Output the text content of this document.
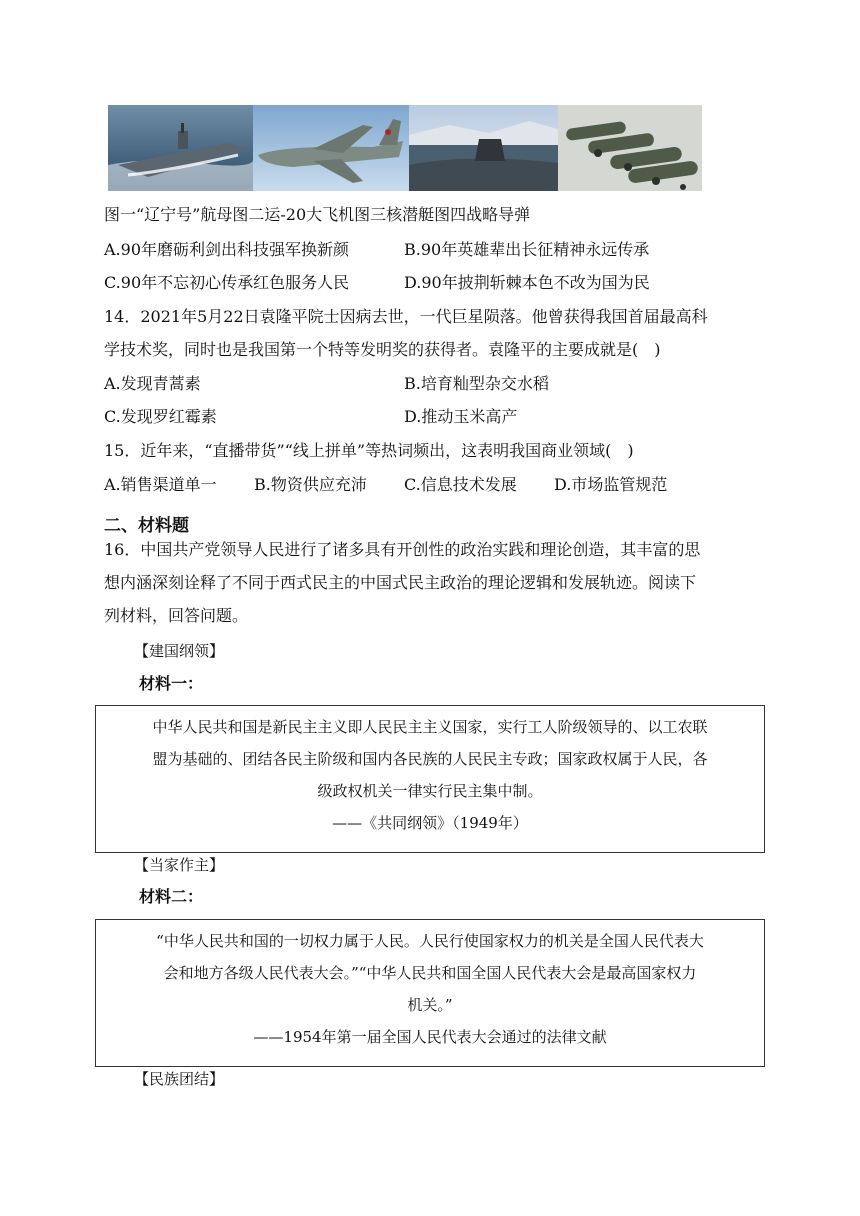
图一“辽宁号”航母图二运-20大飞机图三核潜艇图四战略导弹
A.90年磨砺利剑出科技强军换新颜	B.90年英雄辈出长征精神永远传承
C.90年不忘初心传承红色服务人民	D.90年披荆斩棘本色不改为国为民
14．2021年5月22日袁隆平院士因病去世，一代巨星陨落。他曾获得我国首届最高科
学技术奖，同时也是我国第一个特等发明奖的获得者。袁隆平的主要成就是(　)
A.发现青蒿素	B.培育籼型杂交水稻
C.发现罗红霉素	D.推动玉米高产
15．近年来，“直播带货”“线上拼单”等热词频出，这表明我国商业领域(　)
A.销售渠道单一 B.物资供应充沛 C.信息技术发展 D.市场监管规范
二、材料题
16．中国共产党领导人民进行了诸多具有开创性的政治实践和理论创造，其丰富的思
想内涵深刻诠释了不同于西式民主的中国式民主政治的理论逻辑和发展轨迹。阅读下
列材料，回答问题。
【建国纲领】
材料一：
中华人民共和国是新民主主义即人民民主主义国家，实行工人阶级领导的、以工农联
盟为基础的、团结各民主阶级和国内各民族的人民民主专政；国家政权属于人民，各
级政权机关一律实行民主集中制。
——《共同纲领》（1949年）
【当家作主】
材料二：
“中华人民共和国的一切权力属于人民。人民行使国家权力的机关是全国人民代表大
会和地方各级人民代表大会。”“中华人民共和国全国人民代表大会是最高国家权力
机关。”
——1954年第一届全国人民代表大会通过的法律文献
【民族团结】
